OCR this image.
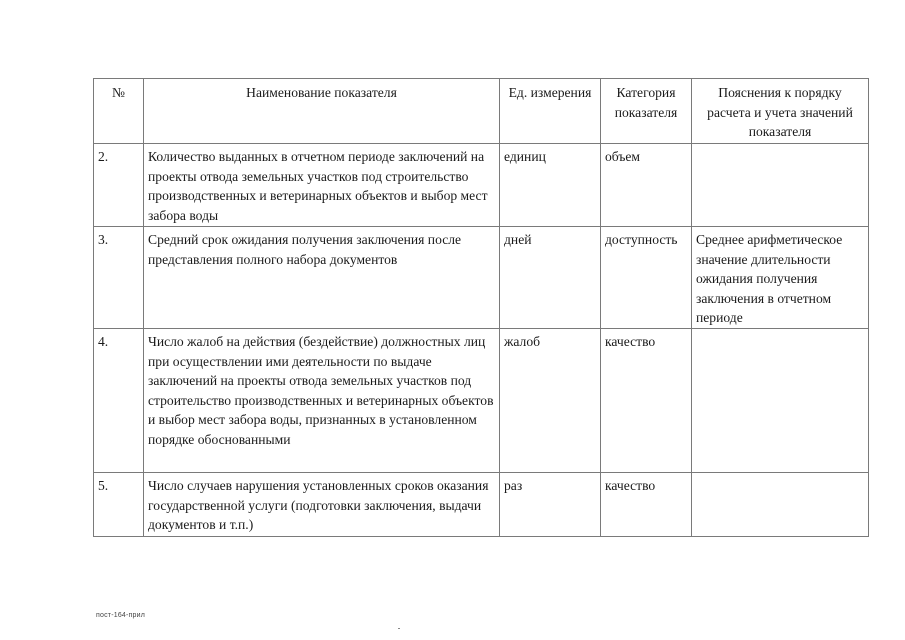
№	Наименование показателя	Ед. измерения	Категория показателя	Пояснения к порядку расчета и учета значений показателя
2.	Количество выданных в отчетном периоде заключений на проекты отвода земельных участков под строительство производственных и ветеринарных объектов и выбор мест забора воды	единиц	объем	
3.	Средний срок ожидания получения заключения после представления полного набора документов	дней	доступность	Среднее арифметическое значение длительности ожидания получения заключения в отчетном периоде
4.	Число жалоб на действия (бездействие) должностных лиц при осуществлении ими деятельности по выдаче заключений на проекты отвода земельных участков под строительство производственных и ветеринарных объектов и выбор мест забора воды, признанных в установленном порядке обоснованными	жалоб	качество	
5.	Число случаев нарушения установленных сроков оказания государственной услуги (подготовки заключения, выдачи документов и т.п.)	раз	качество	
пост-164-прил
